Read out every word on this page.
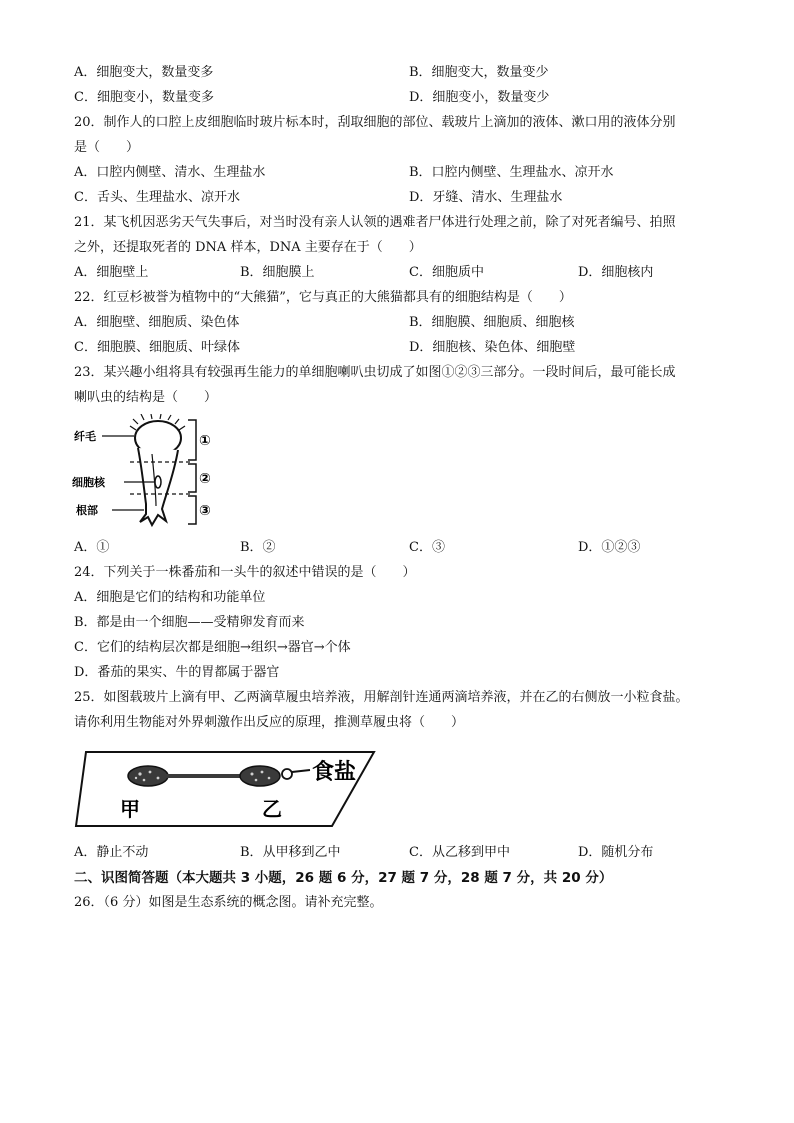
A．细胞变大，数量变多	B．细胞变大，数量变少
C．细胞变小，数量变多	D．细胞变小，数量变少
20．制作人的口腔上皮细胞临时玻片标本时，刮取细胞的部位、载玻片上滴加的液体、漱口用的液体分别
是（　　）
A．口腔内侧壁、清水、生理盐水	B．口腔内侧壁、生理盐水、凉开水
C．舌头、生理盐水、凉开水	D．牙缝、清水、生理盐水
21．某飞机因恶劣天气失事后，对当时没有亲人认领的遇难者尸体进行处理之前，除了对死者编号、拍照
之外，还提取死者的 DNA 样本，DNA 主要存在于（　　）
A．细胞壁上	B．细胞膜上	C．细胞质中	D．细胞核内
22．红豆杉被誉为植物中的“大熊猫”，它与真正的大熊猫都具有的细胞结构是（　　）
A．细胞壁、细胞质、染色体	B．细胞膜、细胞质、细胞核
C．细胞膜、细胞质、叶绿体	D．细胞核、染色体、细胞壁
23．某兴趣小组将具有较强再生能力的单细胞喇叭虫切成了如图①②③三部分。一段时间后，最可能长成
喇叭虫的结构是（　　）
纤毛
细胞核
根部
①
②
③
A．①	B．②	C．③	D．①②③
24．下列关于一株番茄和一头牛的叙述中错误的是（　　）
A．细胞是它们的结构和功能单位
B．都是由一个细胞——受精卵发育而来
C．它们的结构层次都是细胞→组织→器官→个体
D．番茄的果实、牛的胃都属于器官
25．如图载玻片上滴有甲、乙两滴草履虫培养液，用解剖针连通两滴培养液，并在乙的右侧放一小粒食盐。
请你利用生物能对外界刺激作出反应的原理，推测草履虫将（　　）
食盐
甲	乙
A．静止不动	B．从甲移到乙中	C．从乙移到甲中	D．随机分布
二、识图简答题（本大题共 3 小题，26 题 6 分，27 题 7 分，28 题 7 分，共 20 分）
26．（6 分）如图是生态系统的概念图。请补充完整。
